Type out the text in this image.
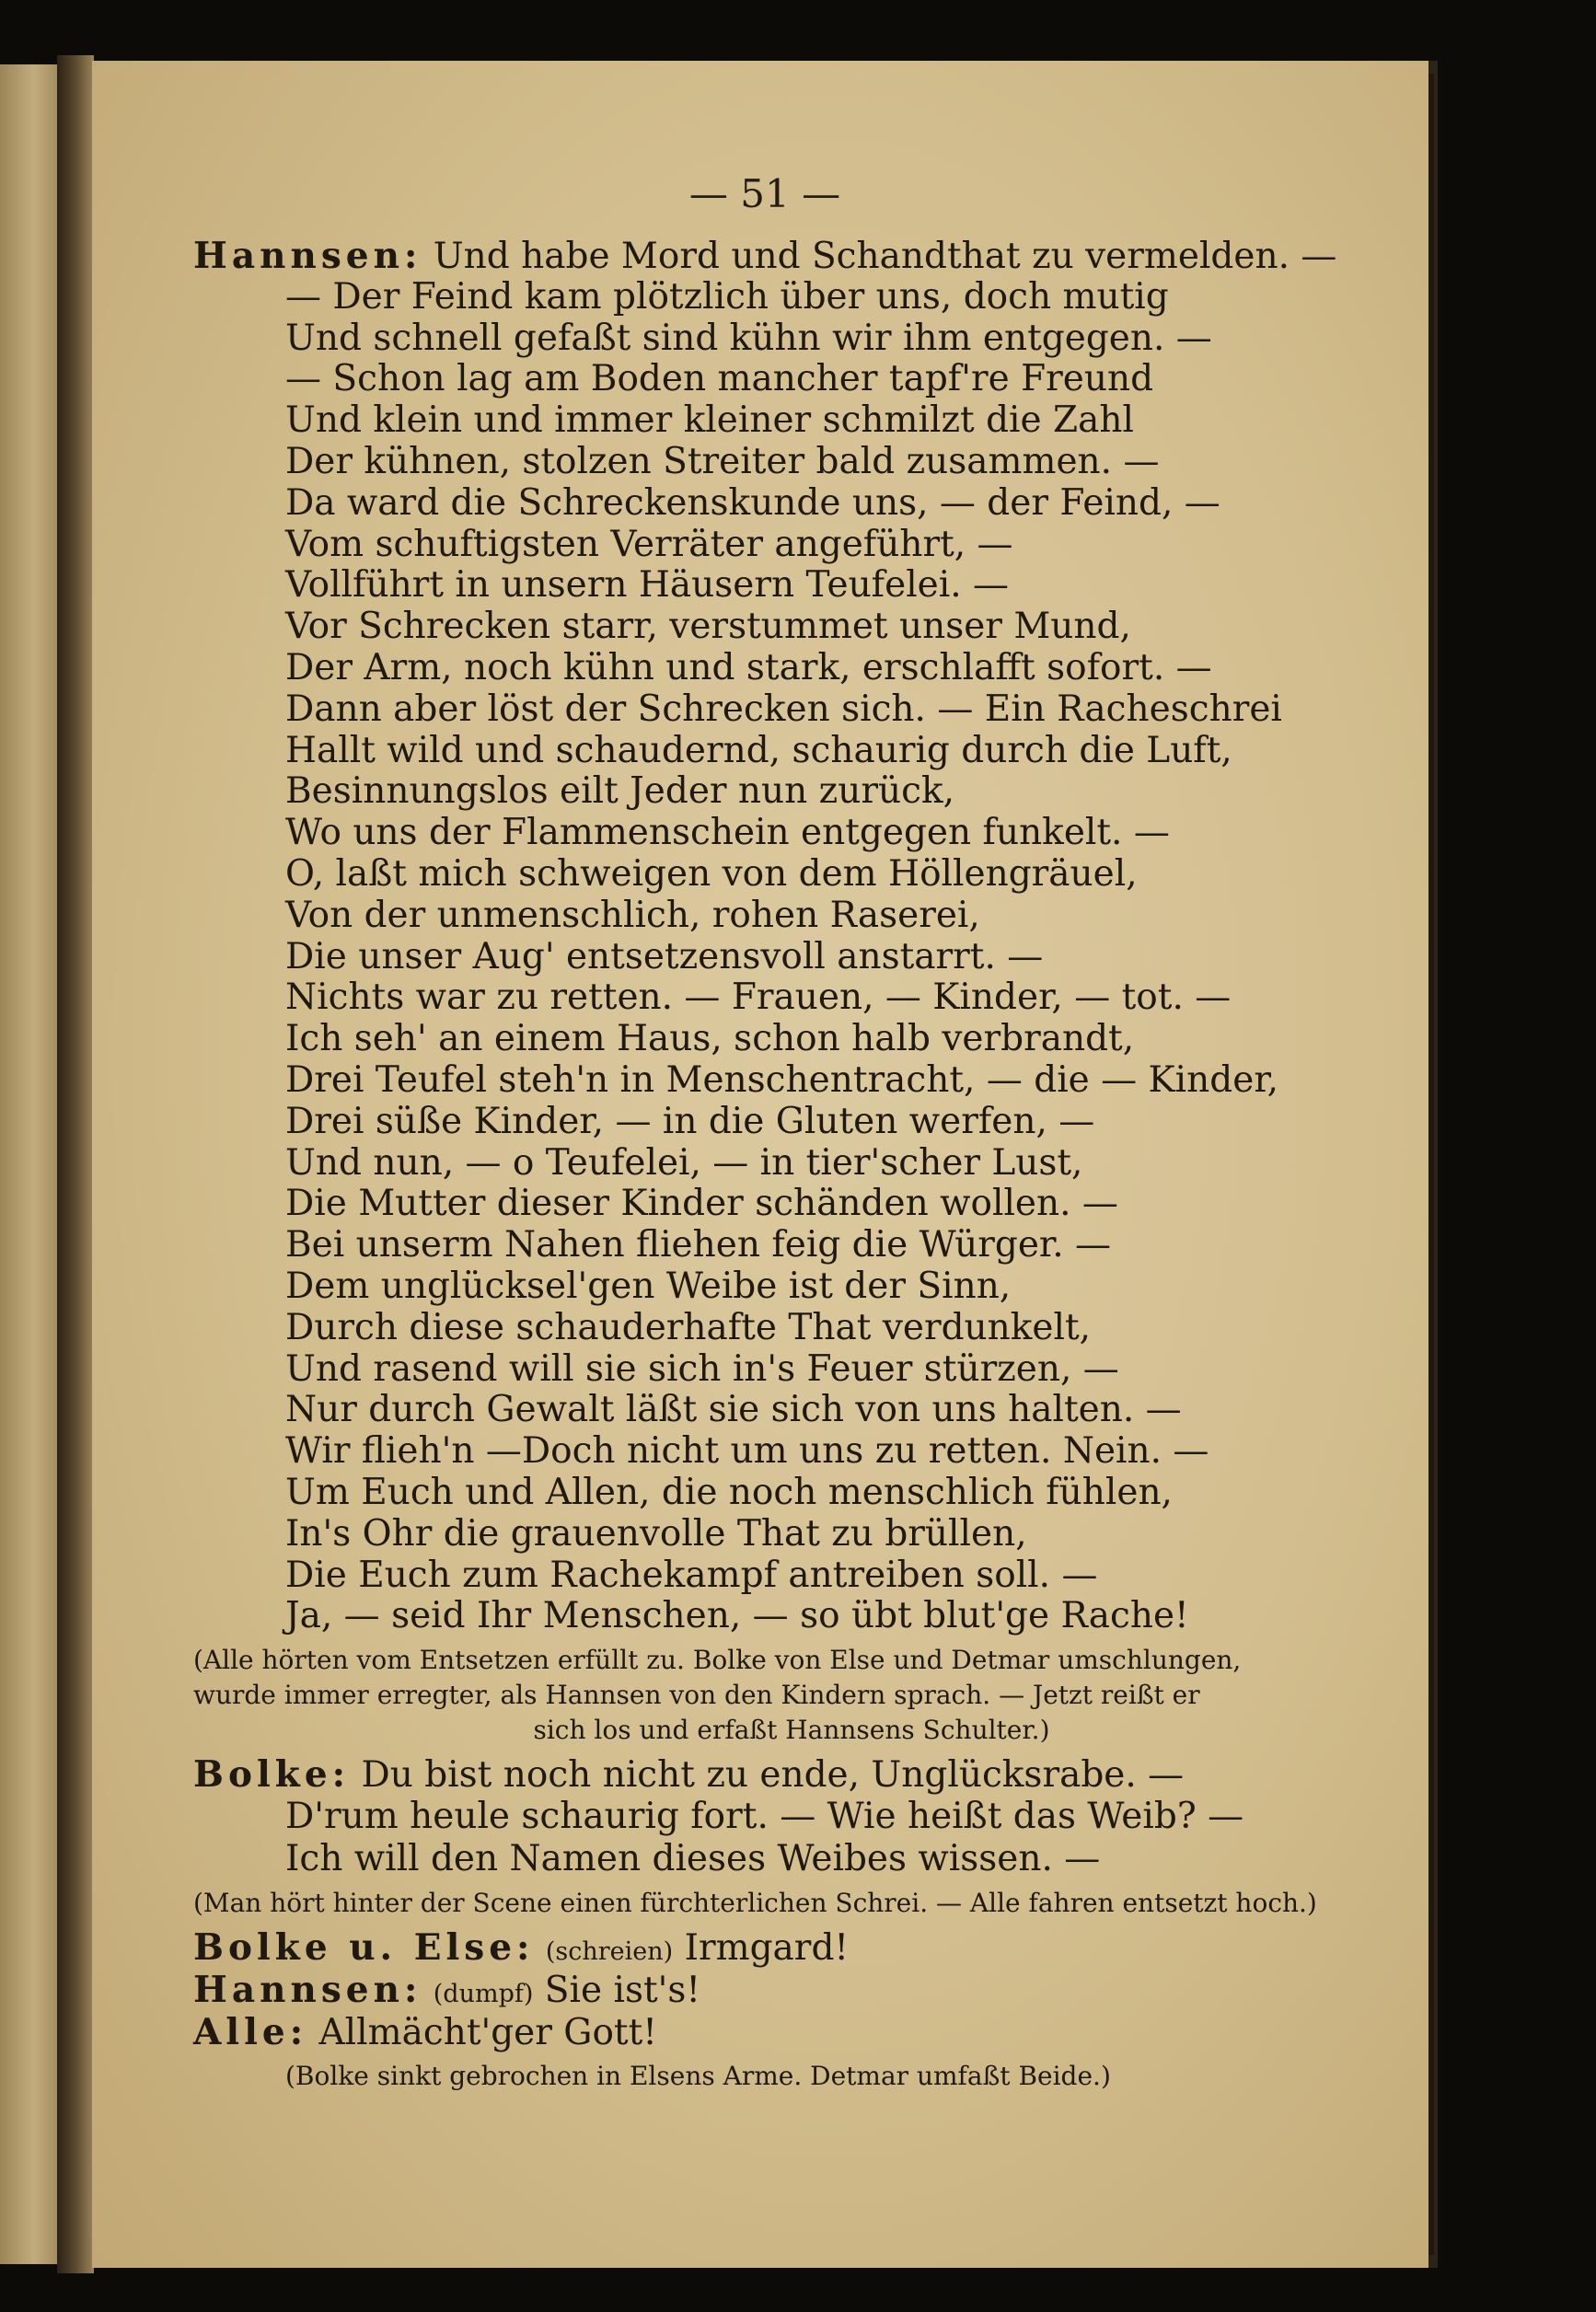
— 51 —
Hannsen: Und habe Mord und Schandthat zu vermelden. —
— Der Feind kam plötzlich über uns, doch mutig
Und schnell gefaßt sind kühn wir ihm entgegen. —
— Schon lag am Boden mancher tapf're Freund
Und klein und immer kleiner schmilzt die Zahl
Der kühnen, stolzen Streiter bald zusammen. —
Da ward die Schreckenskunde uns, — der Feind, —
Vom schuftigsten Verräter angeführt, —
Vollführt in unsern Häusern Teufelei. —
Vor Schrecken starr, verstummet unser Mund,
Der Arm, noch kühn und stark, erschlafft sofort. —
Dann aber löst der Schrecken sich. — Ein Racheschrei
Hallt wild und schaudernd, schaurig durch die Luft,
Besinnungslos eilt Jeder nun zurück,
Wo uns der Flammenschein entgegen funkelt. —
O, laßt mich schweigen von dem Höllengräuel,
Von der unmenschlich, rohen Raserei,
Die unser Aug' entsetzensvoll anstarrt. —
Nichts war zu retten. — Frauen, — Kinder, — tot. —
Ich seh' an einem Haus, schon halb verbrandt,
Drei Teufel steh'n in Menschentracht, — die — Kinder,
Drei süße Kinder, — in die Gluten werfen, —
Und nun, — o Teufelei, — in tier'scher Lust,
Die Mutter dieser Kinder schänden wollen. —
Bei unserm Nahen fliehen feig die Würger. —
Dem unglücksel'gen Weibe ist der Sinn,
Durch diese schauderhafte That verdunkelt,
Und rasend will sie sich in's Feuer stürzen, —
Nur durch Gewalt läßt sie sich von uns halten. —
Wir flieh'n —Doch nicht um uns zu retten. Nein. —
Um Euch und Allen, die noch menschlich fühlen,
In's Ohr die grauenvolle That zu brüllen,
Die Euch zum Rachekampf antreiben soll. —
Ja, — seid Ihr Menschen, — so übt blut'ge Rache!
(Alle hörten vom Entsetzen erfüllt zu. Bolke von Else und Detmar umschlungen,
wurde immer erregter, als Hannsen von den Kindern sprach. — Jetzt reißt er
sich los und erfaßt Hannsens Schulter.)
Bolke: Du bist noch nicht zu ende, Unglücksrabe. —
D'rum heule schaurig fort. — Wie heißt das Weib? —
Ich will den Namen dieses Weibes wissen. —
(Man hört hinter der Scene einen fürchterlichen Schrei. — Alle fahren entsetzt hoch.)
Bolke u. Else: (schreien) Irmgard!
Hannsen: (dumpf) Sie ist's!
Alle: Allmächt'ger Gott!
(Bolke sinkt gebrochen in Elsens Arme. Detmar umfaßt Beide.)
